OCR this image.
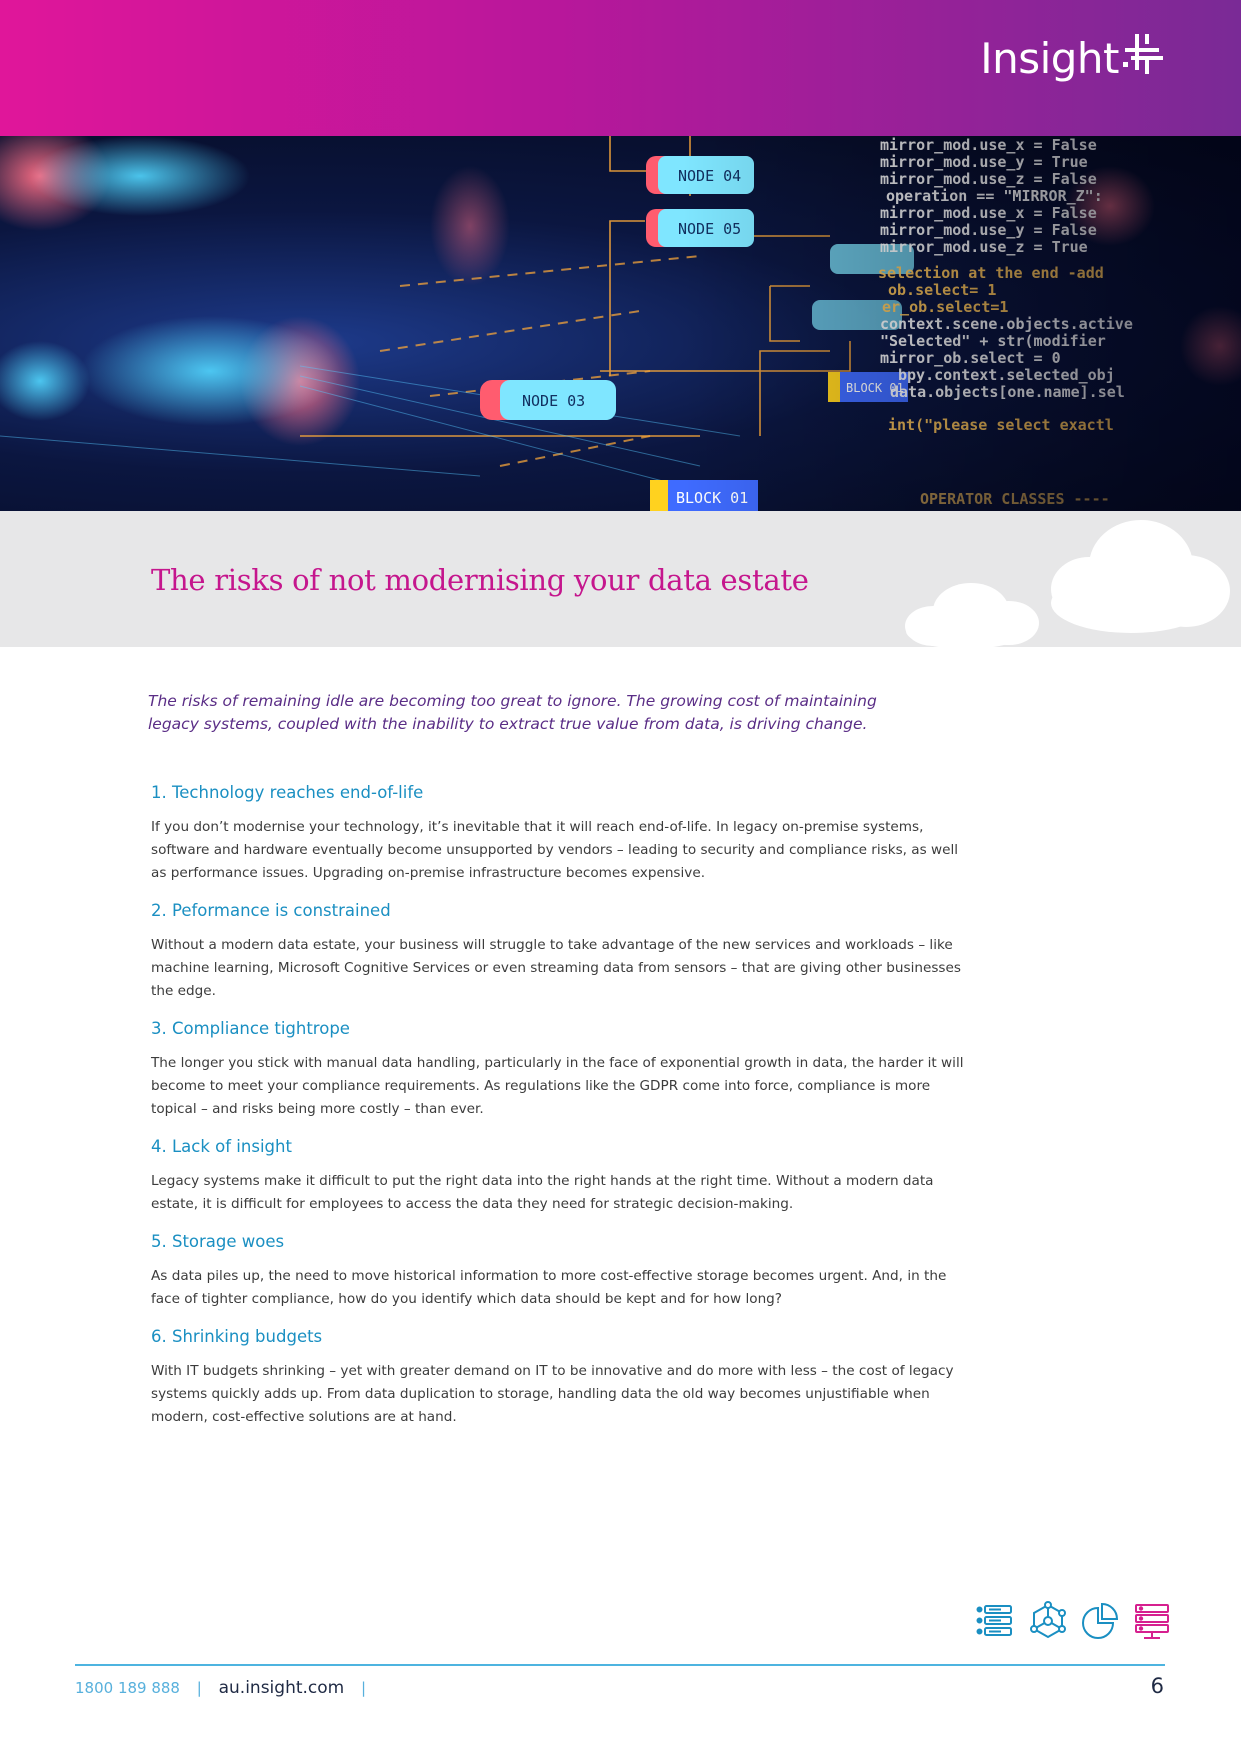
Insight
The risks of not modernising your data estate

The risks of remaining idle are becoming too great to ignore. The growing cost of maintaining legacy systems, coupled with the inability to extract true value from data, is driving change.

1. Technology reaches end-of-life

If you don’t modernise your technology, it’s inevitable that it will reach end-of-life. In legacy on-premise systems, software and hardware eventually become unsupported by vendors – leading to security and compliance risks, as well as performance issues. Upgrading on-premise infrastructure becomes expensive.

2. Peformance is constrained

Without a modern data estate, your business will struggle to take advantage of the new services and workloads – like machine learning, Microsoft Cognitive Services or even streaming data from sensors – that are giving other businesses the edge.

3. Compliance tightrope

The longer you stick with manual data handling, particularly in the face of exponential growth in data, the harder it will become to meet your compliance requirements. As regulations like the GDPR come into force, compliance is more topical – and risks being more costly – than ever.

4. Lack of insight

Legacy systems make it difficult to put the right data into the right hands at the right time. Without a modern data estate, it is difficult for employees to access the data they need for strategic decision-making.

5. Storage woes

As data piles up, the need to move historical information to more cost-effective storage becomes urgent. And, in the face of tighter compliance, how do you identify which data should be kept and for how long?

6. Shrinking budgets

With IT budgets shrinking – yet with greater demand on IT to be innovative and do more with less – the cost of legacy systems quickly adds up. From data duplication to storage, handling data the old way becomes unjustifiable when modern, cost-effective solutions are at hand.

1800 189 888 | au.insight.com |	6
